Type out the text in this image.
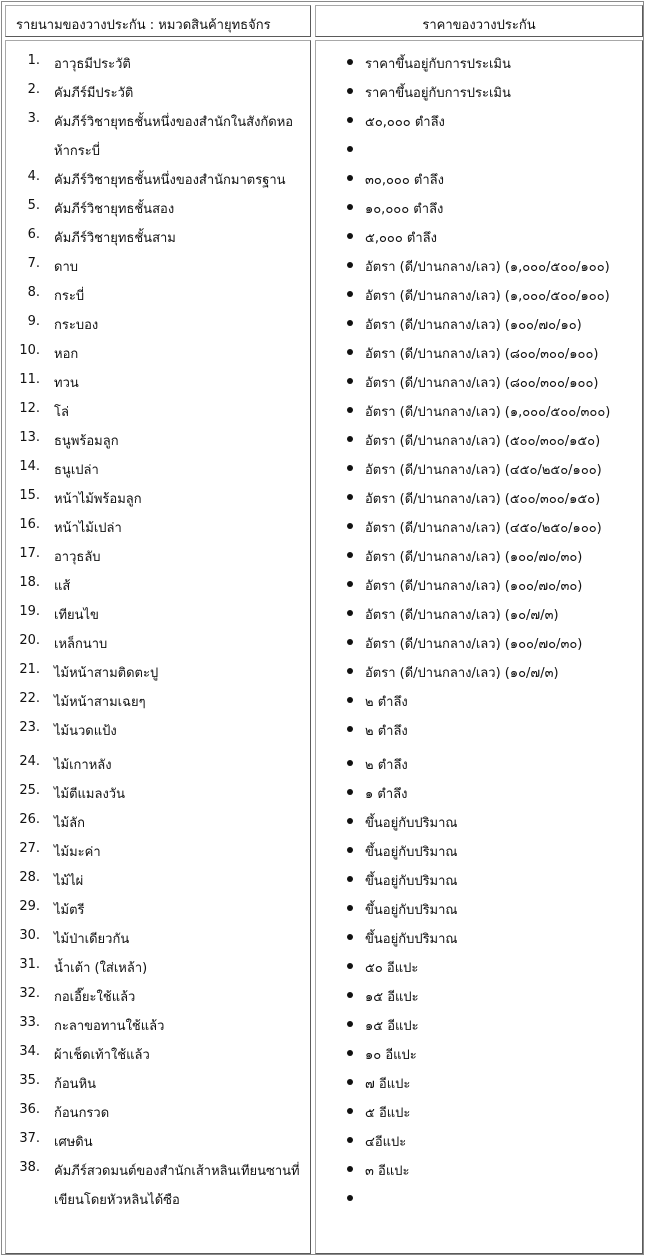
รายนามของวางประกัน : หมวดสินค้ายุทธจักร	ราคาของวางประกัน
1. อาวุธมีประวัติ
2. คัมภีร์มีประวัติ
3. คัมภีร์วิชายุทธชั้นหนึ่งของสำนักในสังกัดหอ
ห้ากระบี่
4. คัมภีร์วิชายุทธชั้นหนึ่งของสำนักมาตรฐาน
5. คัมภีร์วิชายุทธชั้นสอง
6. คัมภีร์วิชายุทธชั้นสาม
7. ดาบ
8. กระบี่
9. กระบอง
10. หอก
11. ทวน
12. โล่
13. ธนูพร้อมลูก
14. ธนูเปล่า
15. หน้าไม้พร้อมลูก
16. หน้าไม้เปล่า
17. อาวุธลับ
18. แส้
19. เทียนไข
20. เหล็กนาบ
21. ไม้หน้าสามติดตะปู
22. ไม้หน้าสามเฉยๆ
23. ไม้นวดแป้ง
24. ไม้เกาหลัง
25. ไม้ตีแมลงวัน
26. ไม้ลัก
27. ไม้มะค่า
28. ไม้ไผ่
29. ไม้ตรี
30. ไม้ป่าเดียวกัน
31. น้ำเต้า (ใส่เหล้า)
32. กอเอี๊ยะใช้แล้ว
33. กะลาขอทานใช้แล้ว
34. ผ้าเช็ดเท้าใช้แล้ว
35. ก้อนหิน
36. ก้อนกรวด
37. เศษดิน
38. คัมภีร์สวดมนต์ของสำนักเส้าหลินเทียนซานที่
เขียนโดยหัวหลินได้ซือ
ราคาขึ้นอยู่กับการประเมิน
ราคาขึ้นอยู่กับการประเมิน
๕๐,๐๐๐ ตำลึง
๓๐,๐๐๐ ตำลึง
๑๐,๐๐๐ ตำลึง
๕,๐๐๐ ตำลึง
อัตรา (ดี/ปานกลาง/เลว) (๑,๐๐๐/๕๐๐/๑๐๐)
อัตรา (ดี/ปานกลาง/เลว) (๑,๐๐๐/๕๐๐/๑๐๐)
อัตรา (ดี/ปานกลาง/เลว) (๑๐๐/๗๐/๑๐)
อัตรา (ดี/ปานกลาง/เลว) (๘๐๐/๓๐๐/๑๐๐)
อัตรา (ดี/ปานกลาง/เลว) (๘๐๐/๓๐๐/๑๐๐)
อัตรา (ดี/ปานกลาง/เลว) (๑,๐๐๐/๕๐๐/๓๐๐)
อัตรา (ดี/ปานกลาง/เลว) (๕๐๐/๓๐๐/๑๕๐)
อัตรา (ดี/ปานกลาง/เลว) (๔๕๐/๒๕๐/๑๐๐)
อัตรา (ดี/ปานกลาง/เลว) (๕๐๐/๓๐๐/๑๕๐)
อัตรา (ดี/ปานกลาง/เลว) (๔๕๐/๒๕๐/๑๐๐)
อัตรา (ดี/ปานกลาง/เลว) (๑๐๐/๗๐/๓๐)
อัตรา (ดี/ปานกลาง/เลว) (๑๐๐/๗๐/๓๐)
อัตรา (ดี/ปานกลาง/เลว) (๑๐/๗/๓)
อัตรา (ดี/ปานกลาง/เลว) (๑๐๐/๗๐/๓๐)
อัตรา (ดี/ปานกลาง/เลว) (๑๐/๗/๓)
๒ ตำลึง
๒ ตำลึง
๒ ตำลึง
๑ ตำลึง
ขึ้นอยู่กับปริมาณ
ขึ้นอยู่กับปริมาณ
ขึ้นอยู่กับปริมาณ
ขึ้นอยู่กับปริมาณ
ขึ้นอยู่กับปริมาณ
๕๐ อีแปะ
๑๕ อีแปะ
๑๕ อีแปะ
๑๐ อีแปะ
๗ อีแปะ
๕ อีแปะ
๔อีแปะ
๓ อีแปะ
